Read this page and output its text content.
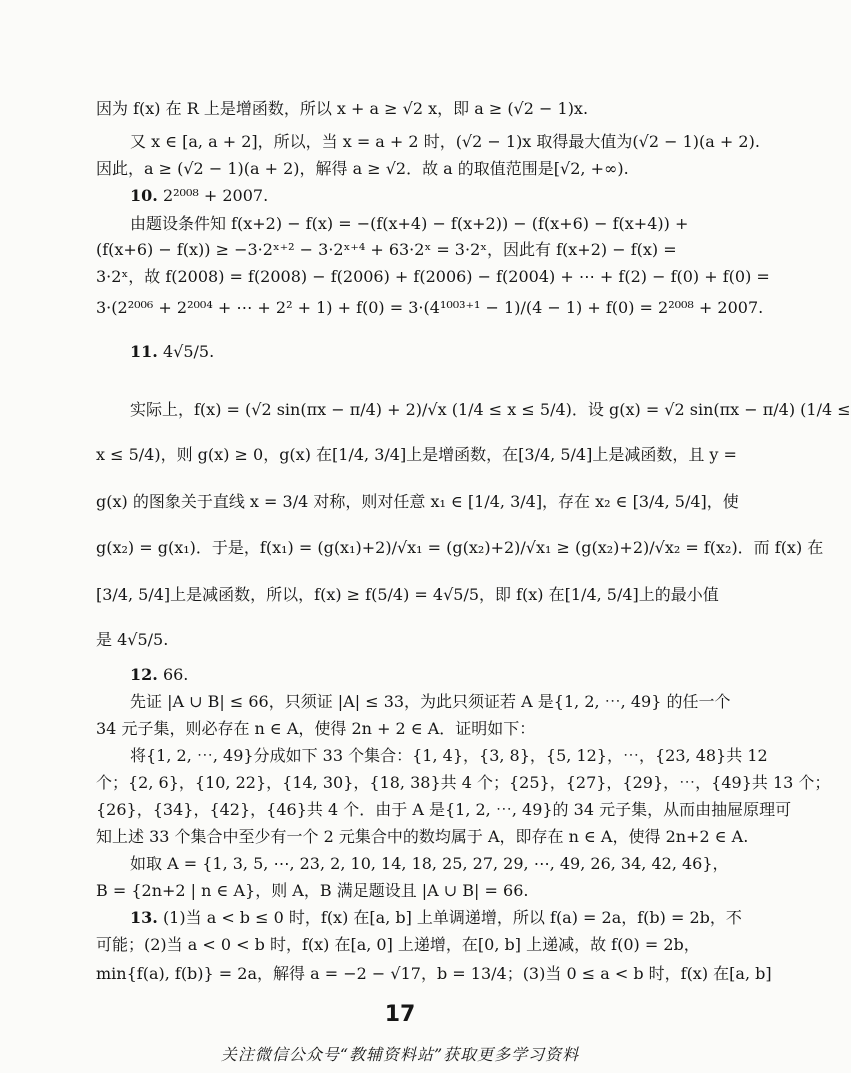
因为 f(x) 在 R 上是增函数，所以 x + a ≥ √2 x，即 a ≥ (√2 − 1)x.
又 x ∈ [a, a + 2]，所以，当 x = a + 2 时，(√2 − 1)x 取得最大值为(√2 − 1)(a + 2).
因此，a ≥ (√2 − 1)(a + 2)，解得 a ≥ √2．故 a 的取值范围是[√2, +∞).
10. 2²⁰⁰⁸ + 2007.
由题设条件知 f(x+2) − f(x) = −(f(x+4) − f(x+2)) − (f(x+6) − f(x+4)) +
(f(x+6) − f(x)) ≥ −3·2ˣ⁺² − 3·2ˣ⁺⁴ + 63·2ˣ = 3·2ˣ，因此有 f(x+2) − f(x) =
3·2ˣ，故 f(2008) = f(2008) − f(2006) + f(2006) − f(2004) + ⋯ + f(2) − f(0) + f(0) =
3·(2²⁰⁰⁶ + 2²⁰⁰⁴ + ⋯ + 2² + 1) + f(0) = 3·(4¹⁰⁰³⁺¹ − 1)/(4 − 1) + f(0) = 2²⁰⁰⁸ + 2007.
11. 4√5/5.
实际上，f(x) = (√2 sin(πx − π/4) + 2)/√x (1/4 ≤ x ≤ 5/4)．设 g(x) = √2 sin(πx − π/4) (1/4 ≤
x ≤ 5/4)，则 g(x) ≥ 0，g(x) 在[1/4, 3/4]上是增函数，在[3/4, 5/4]上是减函数，且 y =
g(x) 的图象关于直线 x = 3/4 对称，则对任意 x₁ ∈ [1/4, 3/4]，存在 x₂ ∈ [3/4, 5/4]，使
g(x₂) = g(x₁)．于是，f(x₁) = (g(x₁)+2)/√x₁ = (g(x₂)+2)/√x₁ ≥ (g(x₂)+2)/√x₂ = f(x₂)．而 f(x) 在
[3/4, 5/4]上是减函数，所以，f(x) ≥ f(5/4) = 4√5/5，即 f(x) 在[1/4, 5/4]上的最小值
是 4√5/5.
12. 66.
先证 |A ∪ B| ≤ 66，只须证 |A| ≤ 33，为此只须证若 A 是{1, 2, ⋯, 49} 的任一个
34 元子集，则必存在 n ∈ A，使得 2n + 2 ∈ A．证明如下：
将{1, 2, ⋯, 49}分成如下 33 个集合：{1, 4}，{3, 8}，{5, 12}，⋯，{23, 48}共 12
个；{2, 6}，{10, 22}，{14, 30}，{18, 38}共 4 个；{25}，{27}，{29}，⋯，{49}共 13 个；
{26}，{34}，{42}，{46}共 4 个．由于 A 是{1, 2, ⋯, 49}的 34 元子集，从而由抽屉原理可
知上述 33 个集合中至少有一个 2 元集合中的数均属于 A，即存在 n ∈ A，使得 2n+2 ∈ A.
如取 A = {1, 3, 5, ⋯, 23, 2, 10, 14, 18, 25, 27, 29, ⋯, 49, 26, 34, 42, 46}，
B = {2n+2 | n ∈ A}，则 A，B 满足题设且 |A ∪ B| = 66.
13. (1)当 a < b ≤ 0 时，f(x) 在[a, b] 上单调递增，所以 f(a) = 2a，f(b) = 2b，不
可能；(2)当 a < 0 < b 时，f(x) 在[a, 0] 上递增，在[0, b] 上递减，故 f(0) = 2b，
min{f(a), f(b)} = 2a，解得 a = −2 − √17，b = 13/4；(3)当 0 ≤ a < b 时，f(x) 在[a, b]
17
关注微信公众号“教辅资料站”获取更多学习资料
